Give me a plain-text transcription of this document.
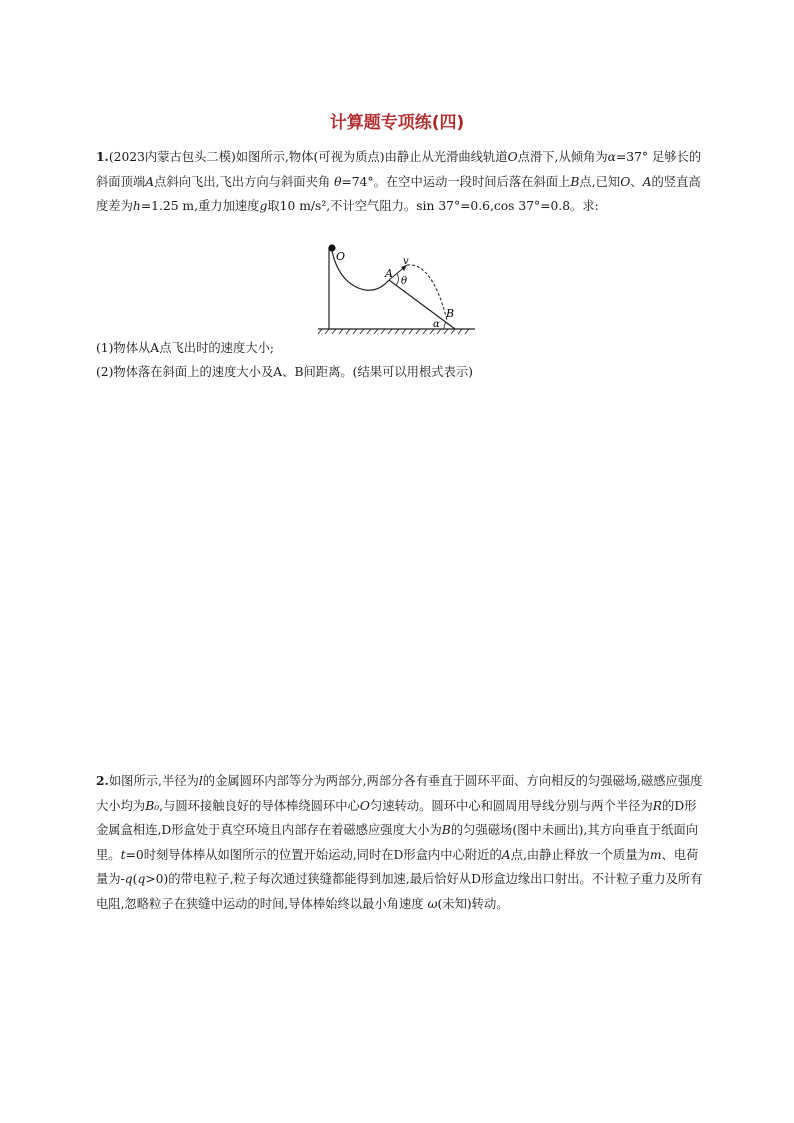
计算题专项练(四)
1.(2023内蒙古包头二模)如图所示,物体(可视为质点)由静止从光滑曲线轨道O点滑下,从倾角为α=37° 足够长的斜面顶端A点斜向飞出,飞出方向与斜面夹角 θ=74°。在空中运动一段时间后落在斜面上B点,已知O、A的竖直高度差为h=1.25 m,重力加速度g取10 m/s²,不计空气阻力。sin 37°=0.6,cos 37°=0.8。求:
O
A
v
θ
B
α
(1)物体从A点飞出时的速度大小;
(2)物体落在斜面上的速度大小及A、B间距离。(结果可以用根式表示)
2.如图所示,半径为l的金属圆环内部等分为两部分,两部分各有垂直于圆环平面、方向相反的匀强磁场,磁感应强度大小均为B₀,与圆环接触良好的导体棒绕圆环中心O匀速转动。圆环中心和圆周用导线分别与两个半径为R的D形金属盒相连,D形盒处于真空环境且内部存在着磁感应强度大小为B的匀强磁场(图中未画出),其方向垂直于纸面向里。t=0时刻导体棒从如图所示的位置开始运动,同时在D形盒内中心附近的A点,由静止释放一个质量为m、电荷量为-q(q>0)的带电粒子,粒子每次通过狭缝都能得到加速,最后恰好从D形盒边缘出口射出。不计粒子重力及所有电阻,忽略粒子在狭缝中运动的时间,导体棒始终以最小角速度 ω(未知)转动。
